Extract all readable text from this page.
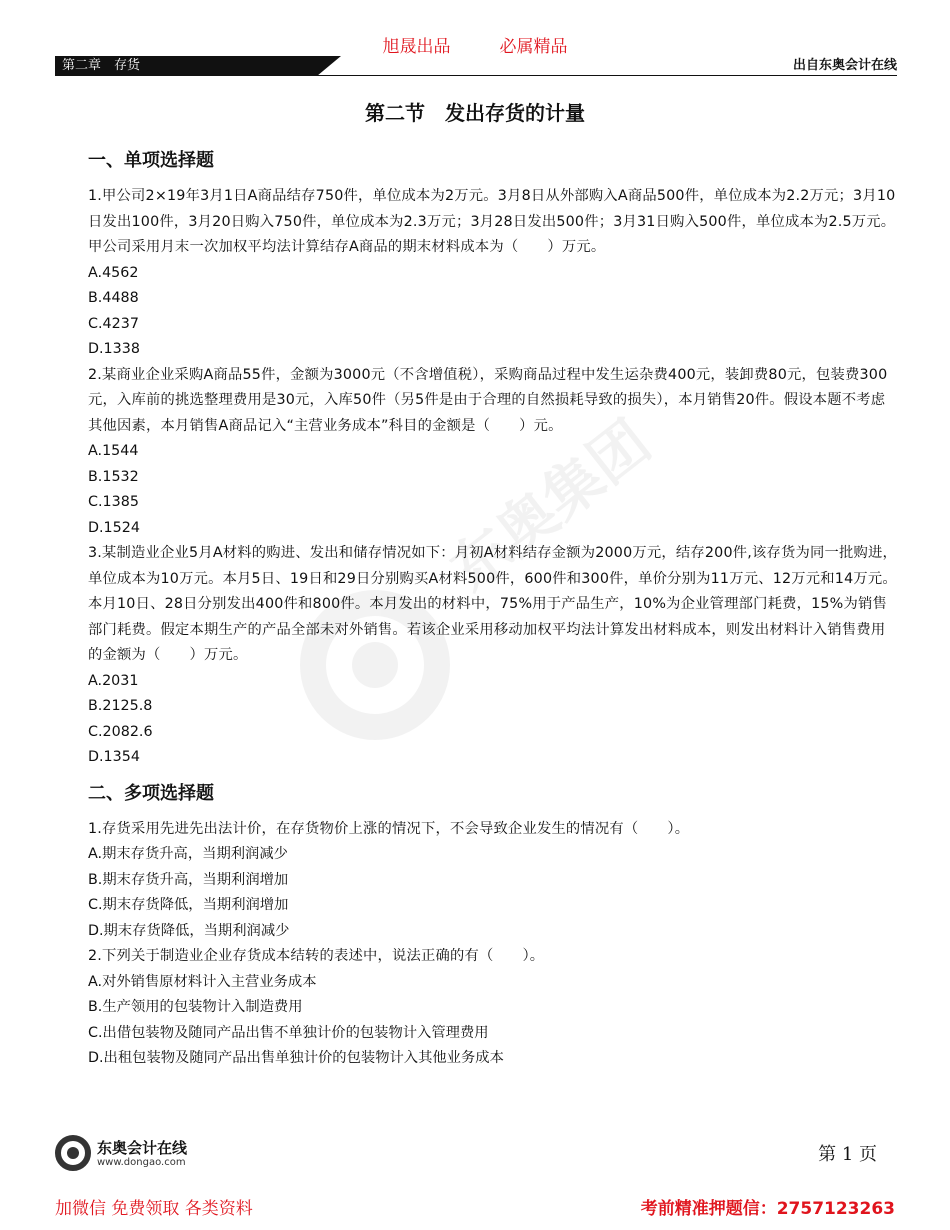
旭晟出品	必属精品
第二章　存货	出自东奥会计在线
东奥集团
第二节　发出存货的计量
一、单项选择题
1.甲公司2×19年3月1日A商品结存750件，单位成本为2万元。3月8日从外部购入A商品500件，单位成本为2.2万元；3月10日发出100件，3月20日购入750件，单位成本为2.3万元；3月28日发出500件；3月31日购入500件，单位成本为2.5万元。甲公司采用月末一次加权平均法计算结存A商品的期末材料成本为（　　）万元。
A.4562
B.4488
C.4237
D.1338
2.某商业企业采购A商品55件，金额为3000元（不含增值税），采购商品过程中发生运杂费400元，装卸费80元，包装费300元，入库前的挑选整理费用是30元，入库50件（另5件是由于合理的自然损耗导致的损失），本月销售20件。假设本题不考虑其他因素，本月销售A商品记入“主营业务成本”科目的金额是（　　）元。
A.1544
B.1532
C.1385
D.1524
3.某制造业企业5月A材料的购进、发出和储存情况如下：月初A材料结存金额为2000万元，结存200件,该存货为同一批购进，单位成本为10万元。本月5日、19日和29日分别购买A材料500件，600件和300件，单价分别为11万元、12万元和14万元。本月10日、28日分别发出400件和800件。本月发出的材料中，75%用于产品生产，10%为企业管理部门耗费，15%为销售部门耗费。假定本期生产的产品全部未对外销售。若该企业采用移动加权平均法计算发出材料成本，则发出材料计入销售费用的金额为（　　）万元。
A.2031
B.2125.8
C.2082.6
D.1354
二、多项选择题
1.存货采用先进先出法计价，在存货物价上涨的情况下，不会导致企业发生的情况有（　　）。
A.期末存货升高，当期利润减少
B.期末存货升高，当期利润增加
C.期末存货降低，当期利润增加
D.期末存货降低，当期利润减少
2.下列关于制造业企业存货成本结转的表述中，说法正确的有（　　）。
A.对外销售原材料计入主营业务成本
B.生产领用的包装物计入制造费用
C.出借包装物及随同产品出售不单独计价的包装物计入管理费用
D.出租包装物及随同产品出售单独计价的包装物计入其他业务成本
东奥会计在线
www.dongao.com	第 1 页
加微信 免费领取 各类资料	考前精准押题信：2757123263
